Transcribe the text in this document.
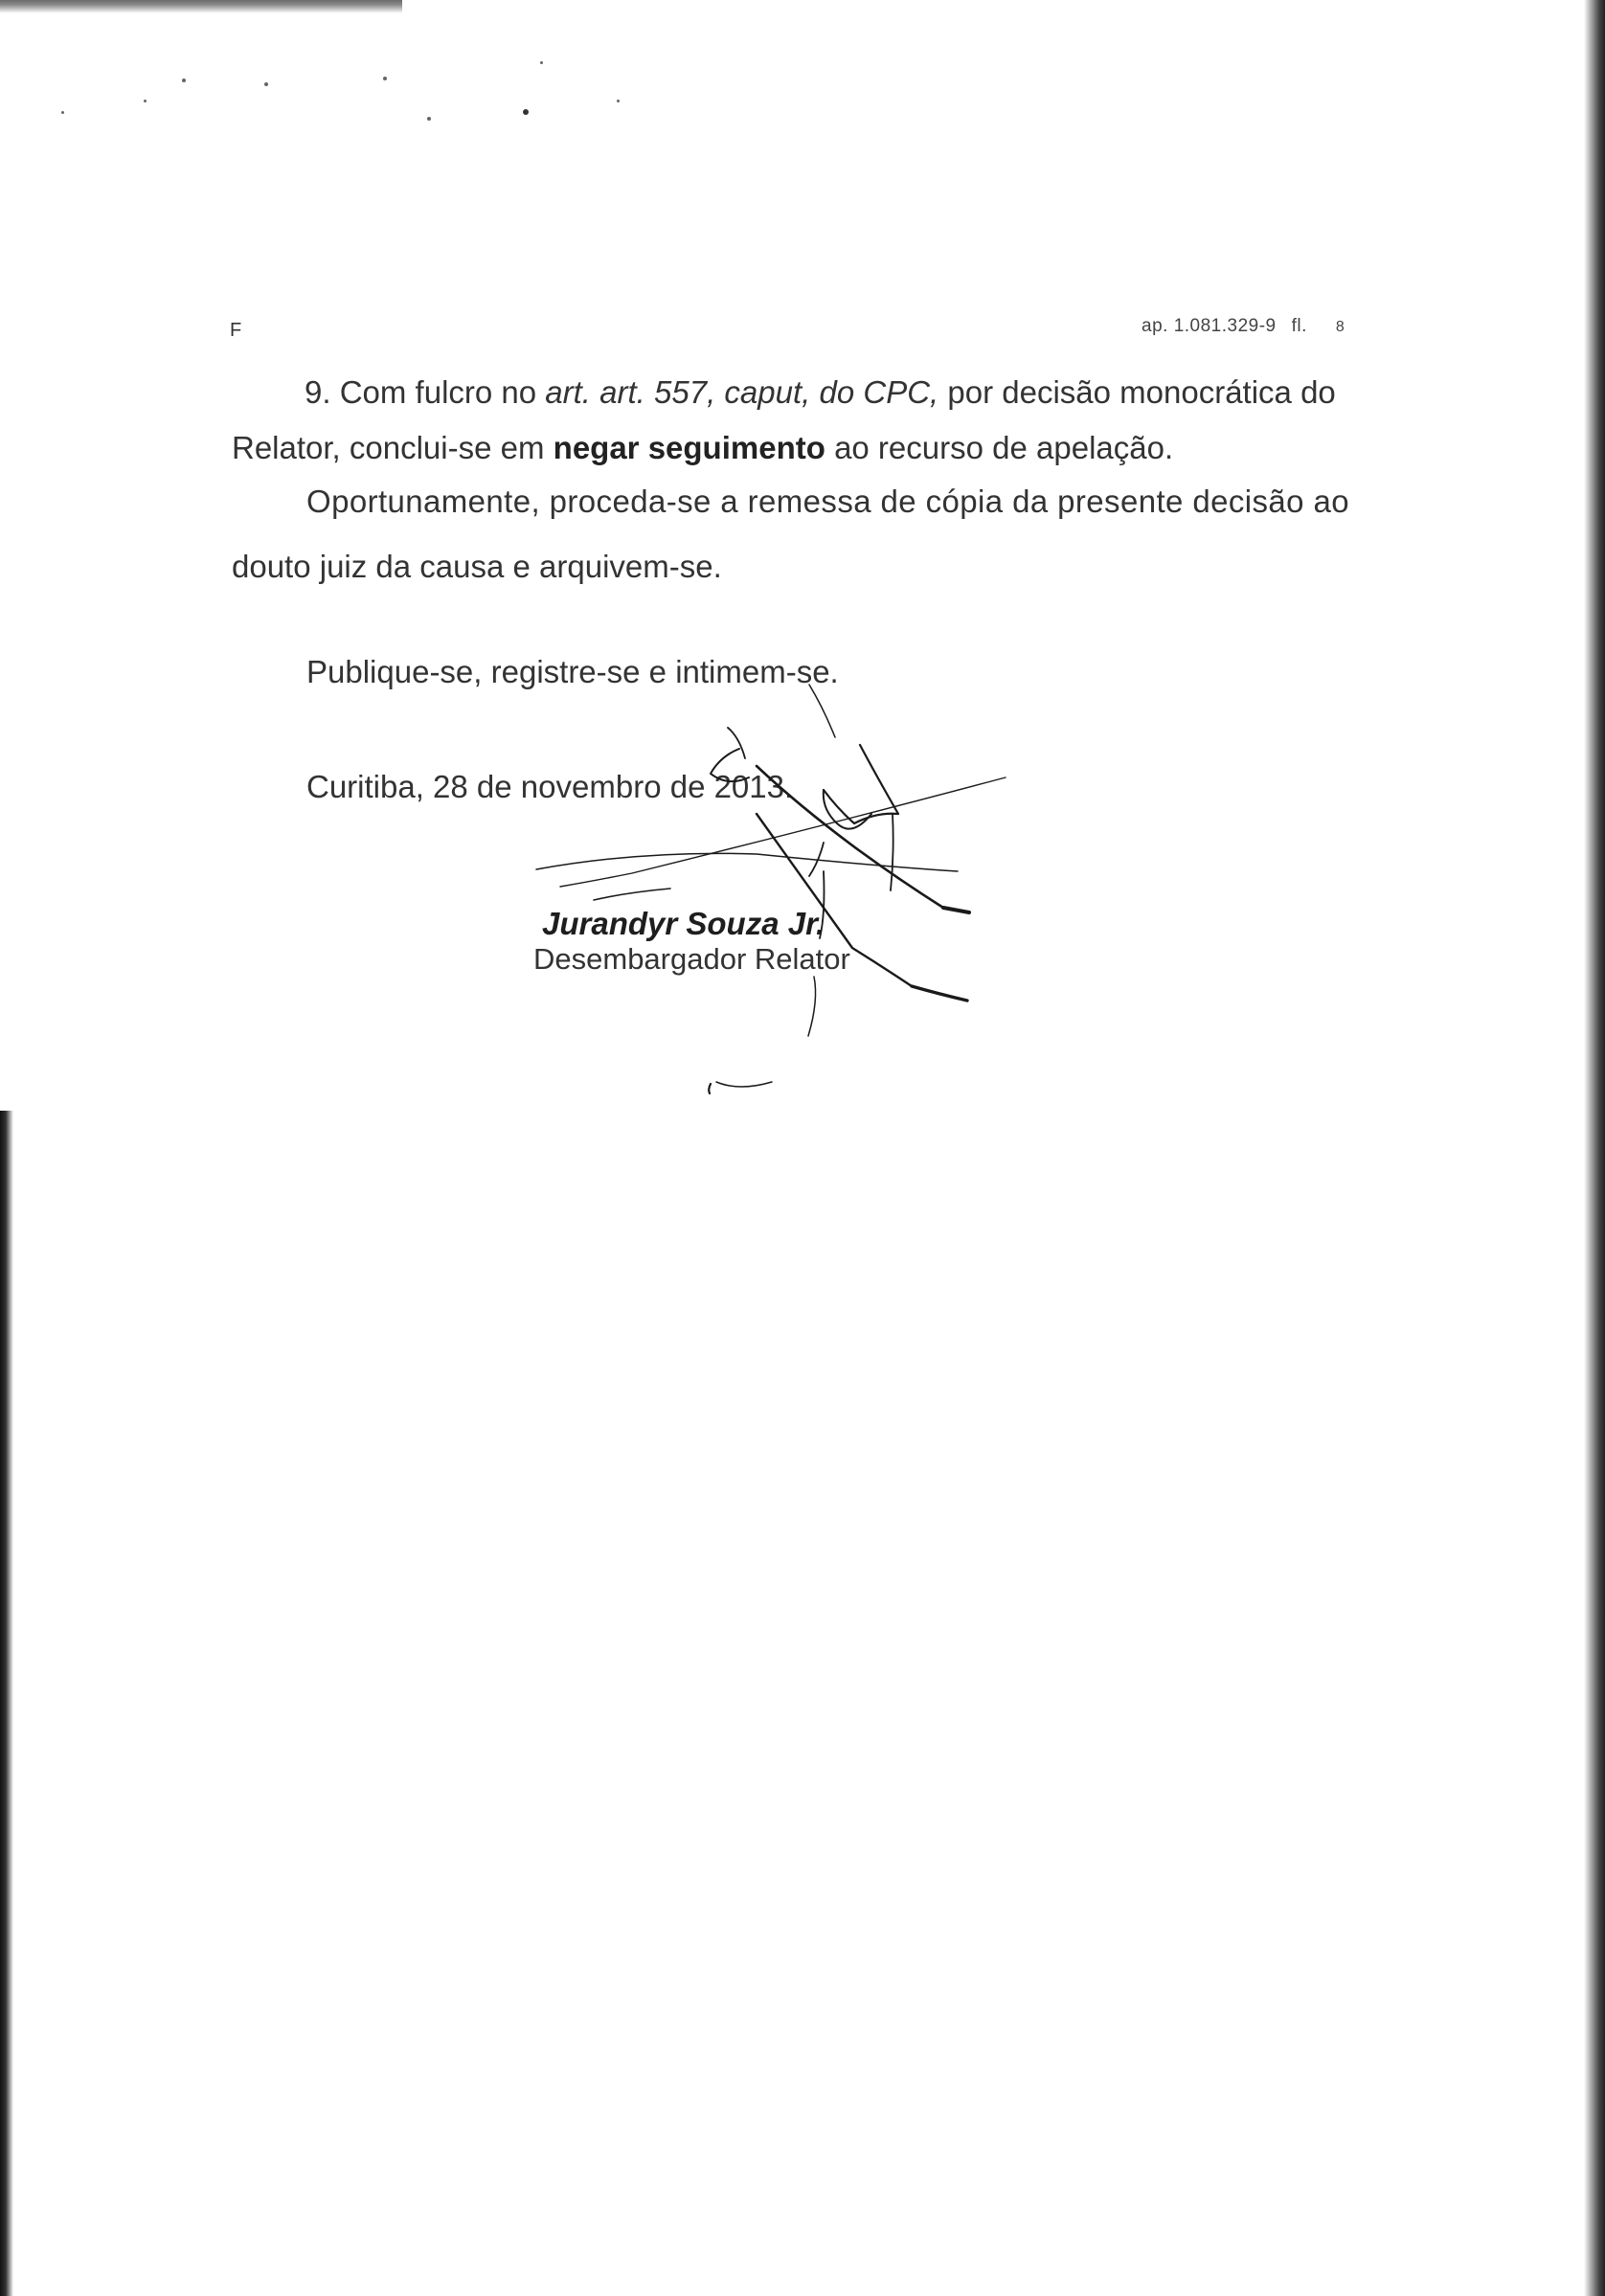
F	ap. 1.081.329-9 fl. 8
9. Com fulcro no art. art. 557, caput, do CPC, por decisão monocrática do
Relator, conclui-se em negar seguimento ao recurso de apelação.
Oportunamente, proceda-se a remessa de cópia da presente decisão ao
douto juiz da causa e arquivem-se.
Publique-se, registre-se e intimem-se.
Curitiba, 28 de novembro de 2013.
Jurandyr Souza Jr.
Desembargador Relator
